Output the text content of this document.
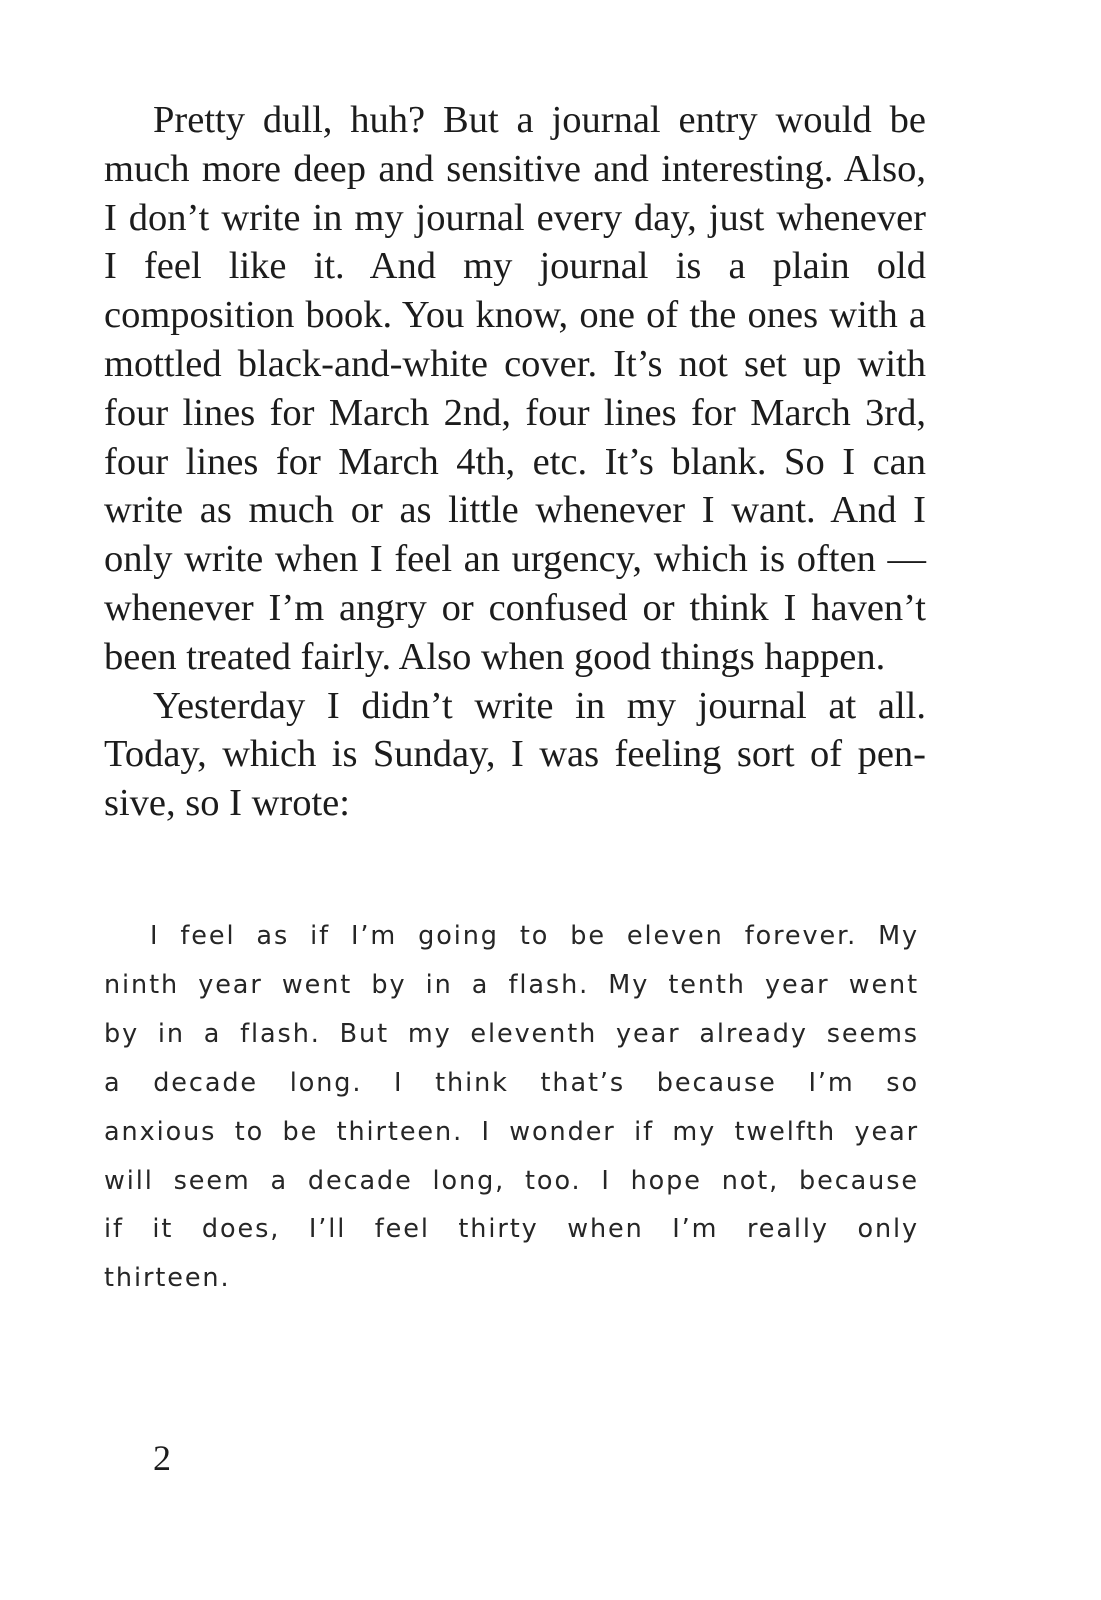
Pretty dull, huh? But a journal entry would be much more deep and sensitive and interesting. Also, I don’t write in my journal every day, just whenever I feel like it. And my journal is a plain old composition book. You know, one of the ones with a mottled black-and-white cover. It’s not set up with four lines for March 2nd, four lines for March 3rd, four lines for March 4th, etc. It’s blank. So I can write as much or as little whenever I want. And I only write when I feel an urgency, which is often — whenever I’m angry or confused or think I haven’t been treated fairly. Also when good things happen.

Yesterday I didn’t write in my journal at all. Today, which is Sunday, I was feeling sort of pensive, so I wrote:

I feel as if I’m going to be eleven forever. My ninth year went by in a flash. My tenth year went by in a flash. But my eleventh year already seems a decade long. I think that’s because I’m so anxious to be thirteen. I wonder if my twelfth year will seem a decade long, too. I hope not, because if it does, I’ll feel thirty when I’m really only thirteen.

2
